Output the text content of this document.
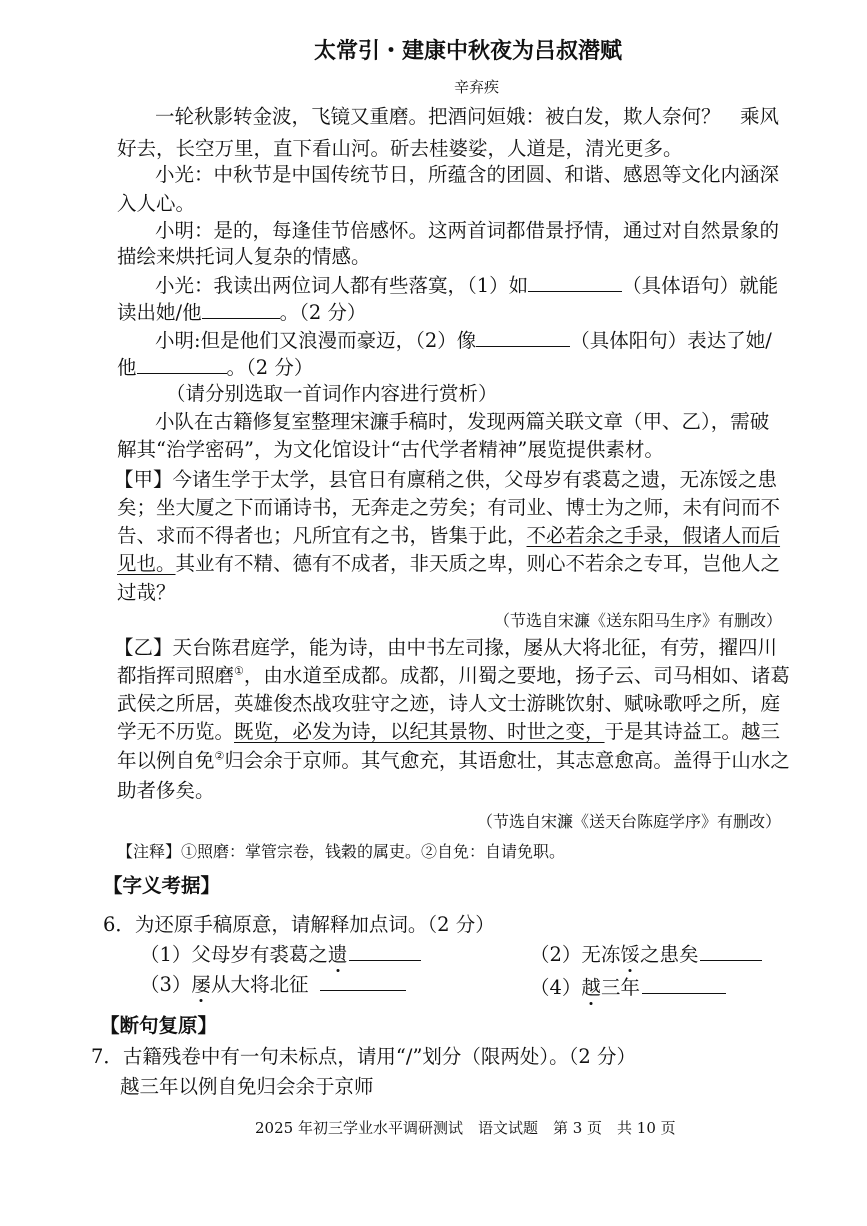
太常引・建康中秋夜为吕叔潜赋
辛弃疾
一轮秋影转金波，飞镜又重磨。把酒问姮娥：被白发，欺人奈何？　乘风
好去，长空万里，直下看山河。斫去桂婆娑，人道是，清光更多。
小光：中秋节是中国传统节日，所蕴含的团圆、和谐、感恩等文化内涵深
入人心。
小明：是的，每逢佳节倍感怀。这两首词都借景抒情，通过对自然景象的
描绘来烘托词人复杂的情感。
小光：我读出两位词人都有些落寞，（1）如	（具体语句）就能
读出她/他	。（2 分）
小明:但是他们又浪漫而豪迈，（2）像	（具体阳句）表达了她/
他	。（2 分）
（请分别选取一首词作内容进行赏析）
小队在古籍修复室整理宋濂手稿时，发现两篇关联文章（甲、乙），需破
解其“治学密码”，为文化馆设计“古代学者精神”展览提供素材。
【甲】今诸生学于太学，县官日有廪稍之供，父母岁有裘葛之遗，无冻馁之患
矣；坐大厦之下而诵诗书，无奔走之劳矣；有司业、博士为之师，未有问而不
告、求而不得者也；凡所宜有之书，皆集于此，不必若余之手录，假诸人而后
见也。其业有不精、德有不成者，非天质之卑，则心不若余之专耳，岂他人之
过哉？
（节选自宋濂《送东阳马生序》有删改）
【乙】天台陈君庭学，能为诗，由中书左司掾，屡从大将北征，有劳，擢四川
都指挥司照磨①，由水道至成都。成都，川蜀之要地，扬子云、司马相如、诸葛
武侯之所居，英雄俊杰战攻驻守之迹，诗人文士游眺饮射、赋咏歌呼之所，庭
学无不历览。既览，必发为诗，以纪其景物、时世之变，于是其诗益工。越三
年以例自免②归会余于京师。其气愈充，其语愈壮，其志意愈高。盖得于山水之
助者侈矣。
（节选自宋濂《送天台陈庭学序》有删改）
【注释】①照磨：掌管宗卷，钱穀的属吏。②自免：自请免职。
【字义考据】
6．为还原手稿原意，请解释加点词。（2 分）
（1）父母岁有裘葛之遗	（2）无冻馁之患矣
（3）屡从大将北征	（4）越三年
【断句复原】
7．古籍残卷中有一句未标点，请用“/”划分（限两处）。（2 分）
越三年以例自免归会余于京师
2025 年初三学业水平调研测试　语文试题　第 3 页　共 10 页
